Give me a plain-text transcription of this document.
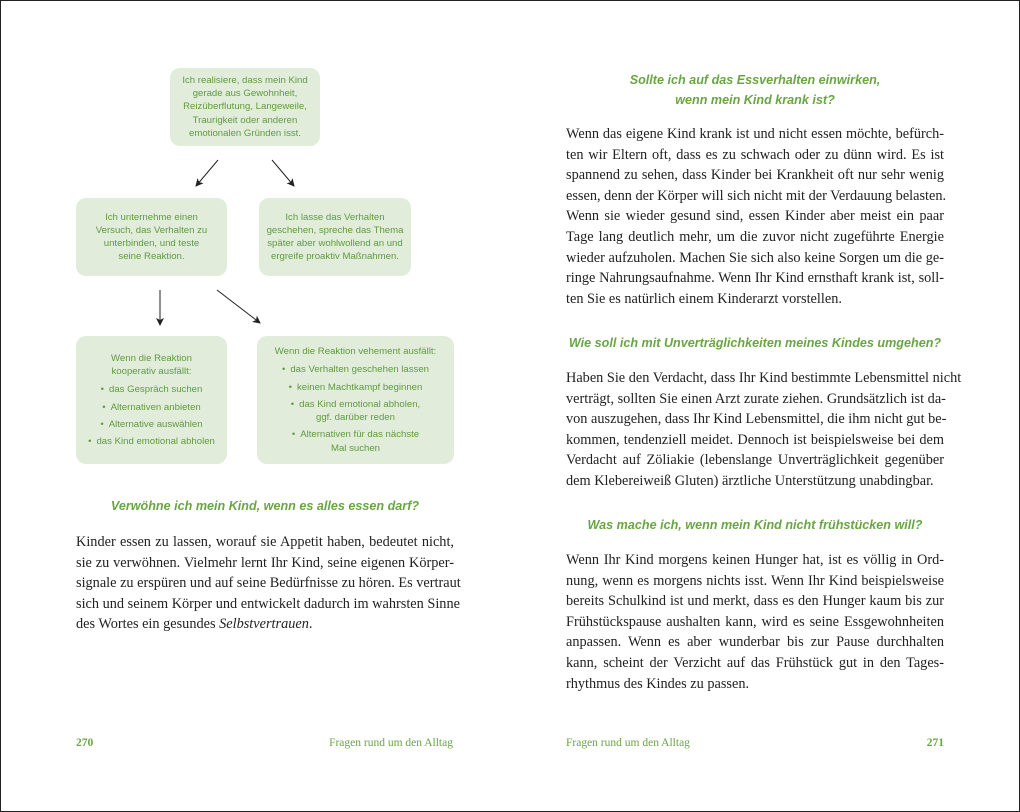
Ich realisiere, dass mein Kind
gerade aus Gewohnheit,
Reizüberflutung, Langeweile,
Traurigkeit oder anderen
emotionalen Gründen isst.
Ich unternehme einen
Versuch, das Verhalten zu
unterbinden, und teste
seine Reaktion.
Ich lasse das Verhalten
geschehen, spreche das Thema
später aber wohlwollend an und
ergreife proaktiv Maßnahmen.
Wenn die Reaktion
kooperativ ausfällt:
• das Gespräch suchen
• Alternativen anbieten
• Alternative auswählen
• das Kind emotional abholen
Wenn die Reaktion vehement ausfällt:
• das Verhalten geschehen lassen
• keinen Machtkampf beginnen
• das Kind emotional abholen,
ggf. darüber reden
• Alternativen für das nächste
Mal suchen
Verwöhne ich mein Kind, wenn es alles essen darf?
Kinder essen zu lassen, worauf sie Appetit haben, bedeutet nicht,
sie zu verwöhnen. Vielmehr lernt Ihr Kind, seine eigenen Körper-
signale zu erspüren und auf seine Bedürfnisse zu hören. Es vertraut
sich und seinem Körper und entwickelt dadurch im wahrsten Sinne
des Wortes ein gesundes Selbstvertrauen.
270	Fragen rund um den Alltag
Sollte ich auf das Essverhalten einwirken,
wenn mein Kind krank ist?
Wenn das eigene Kind krank ist und nicht essen möchte, befürch-
ten wir Eltern oft, dass es zu schwach oder zu dünn wird. Es ist
spannend zu sehen, dass Kinder bei Krankheit oft nur sehr wenig
essen, denn der Körper will sich nicht mit der Verdauung belasten.
Wenn sie wieder gesund sind, essen Kinder aber meist ein paar
Tage lang deutlich mehr, um die zuvor nicht zugeführte Energie
wieder aufzuholen. Machen Sie sich also keine Sorgen um die ge-
ringe Nahrungsaufnahme. Wenn Ihr Kind ernsthaft krank ist, soll-
ten Sie es natürlich einem Kinderarzt vorstellen.
Wie soll ich mit Unverträglichkeiten meines Kindes umgehen?
Haben Sie den Verdacht, dass Ihr Kind bestimmte Lebensmittel nicht
verträgt, sollten Sie einen Arzt zurate ziehen. Grundsätzlich ist da-
von auszugehen, dass Ihr Kind Lebensmittel, die ihm nicht gut be-
kommen, tendenziell meidet. Dennoch ist beispielsweise bei dem
Verdacht auf Zöliakie (lebenslange Unverträglichkeit gegenüber
dem Klebereiweiß Gluten) ärztliche Unterstützung unabdingbar.
Was mache ich, wenn mein Kind nicht frühstücken will?
Wenn Ihr Kind morgens keinen Hunger hat, ist es völlig in Ord-
nung, wenn es morgens nichts isst. Wenn Ihr Kind beispielsweise
bereits Schulkind ist und merkt, dass es den Hunger kaum bis zur
Frühstückspause aushalten kann, wird es seine Essgewohnheiten
anpassen. Wenn es aber wunderbar bis zur Pause durchhalten
kann, scheint der Verzicht auf das Frühstück gut in den Tages-
rhythmus des Kindes zu passen.
Fragen rund um den Alltag	271
